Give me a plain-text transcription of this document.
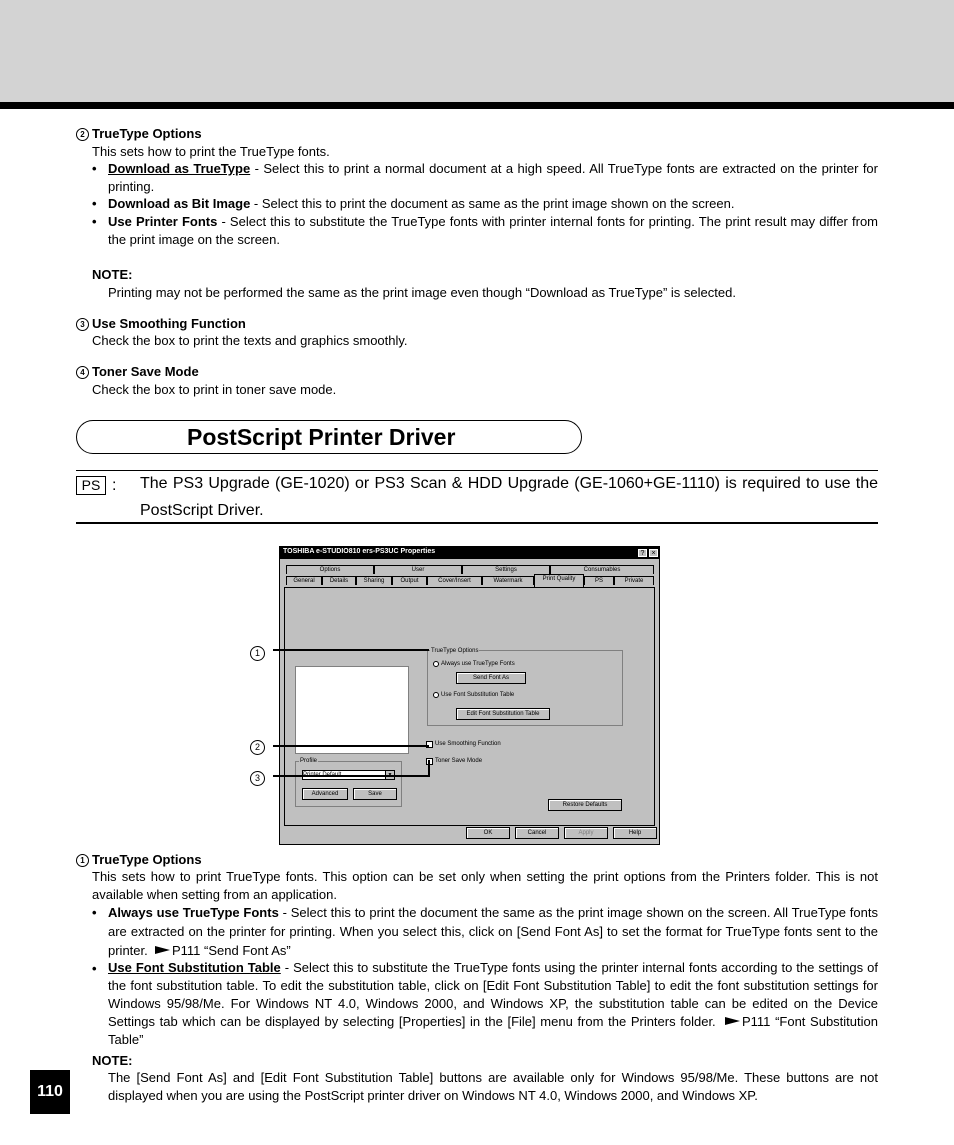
2 TrueType Options
This sets how to print the TrueType fonts.
• Download as TrueType - Select this to print a normal document at a high speed. All TrueType fonts are extracted on the printer for printing.
• Download as Bit Image - Select this to print the document as same as the print image shown on the screen.
• Use Printer Fonts - Select this to substitute the TrueType fonts with printer internal fonts for printing. The print result may differ from the print image on the screen.
NOTE:
Printing may not be performed the same as the print image even though “Download as TrueType” is selected.
3 Use Smoothing Function
Check the box to print the texts and graphics smoothly.
4 Toner Save Mode
Check the box to print in toner save mode.
PostScript Printer Driver
PS : The PS3 Upgrade (GE-1020) or PS3 Scan & HDD Upgrade (GE-1060+GE-1110) is required to use the PostScript Driver.
TOSHIBA e-STUDIO810 ers-PS3UC Properties	?	×
Options	User	Settings	Consumables
General	Details	Sharing	Output	Cover/Insert	Watermark	Print Quality	PS	Private
TrueType Options
Always use TrueType Fonts
Send Font As
Use Font Substitution Table
Edit Font Substitution Table
Use Smoothing Function
Toner Save Mode
Profile
Advanced	Save
Restore Defaults
OK	Cancel	Apply	Help
1
2
3
1 TrueType Options
This sets how to print TrueType fonts. This option can be set only when setting the print options from the Printers folder. This is not available when setting from an application.
• Always use TrueType Fonts - Select this to print the document the same as the print image shown on the screen. All TrueType fonts are extracted on the printer for printing. When you select this, click on [Send Font As] to set the format for TrueType fonts sent to the printer. P111 “Send Font As”
• Use Font Substitution Table - Select this to substitute the TrueType fonts using the printer internal fonts according to the settings of the font substitution table. To edit the substitution table, click on [Edit Font Substitution Table] to edit the font substitution settings for Windows 95/98/Me. For Windows NT 4.0, Windows 2000, and Windows XP, the substitution table can be edited on the Device Settings tab which can be displayed by selecting [Properties] in the [File] menu from the Printers folder. P111 “Font Substitution Table”
NOTE:
The [Send Font As] and [Edit Font Substitution Table] buttons are available only for Windows 95/98/Me. These buttons are not displayed when you are using the PostScript printer driver on Windows NT 4.0, Windows 2000, and Windows XP.
110
